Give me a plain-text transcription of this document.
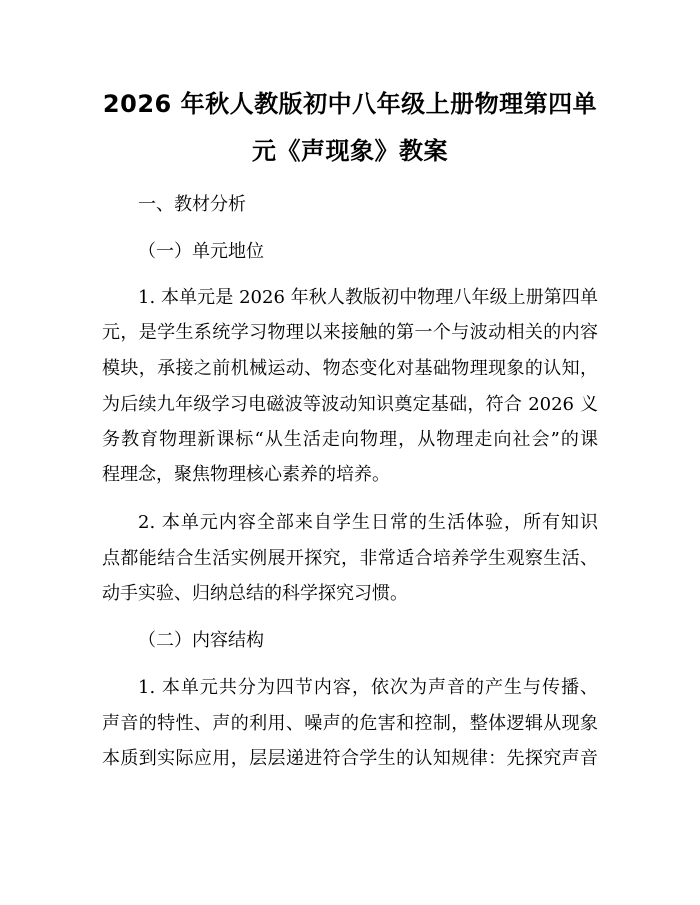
2026 年秋人教版初中八年级上册物理第四单
元《声现象》教案
一、教材分析
（一）单元地位
1. 本单元是 2026 年秋人教版初中物理八年级上册第四单
元，是学生系统学习物理以来接触的第一个与波动相关的内容
模块，承接之前机械运动、物态变化对基础物理现象的认知，
为后续九年级学习电磁波等波动知识奠定基础，符合 2026 义
务教育物理新课标“从生活走向物理，从物理走向社会”的课
程理念，聚焦物理核心素养的培养。
2. 本单元内容全部来自学生日常的生活体验，所有知识
点都能结合生活实例展开探究，非常适合培养学生观察生活、
动手实验、归纳总结的科学探究习惯。
（二）内容结构
1. 本单元共分为四节内容，依次为声音的产生与传播、
声音的特性、声的利用、噪声的危害和控制，整体逻辑从现象
本质到实际应用，层层递进符合学生的认知规律：先探究声音
